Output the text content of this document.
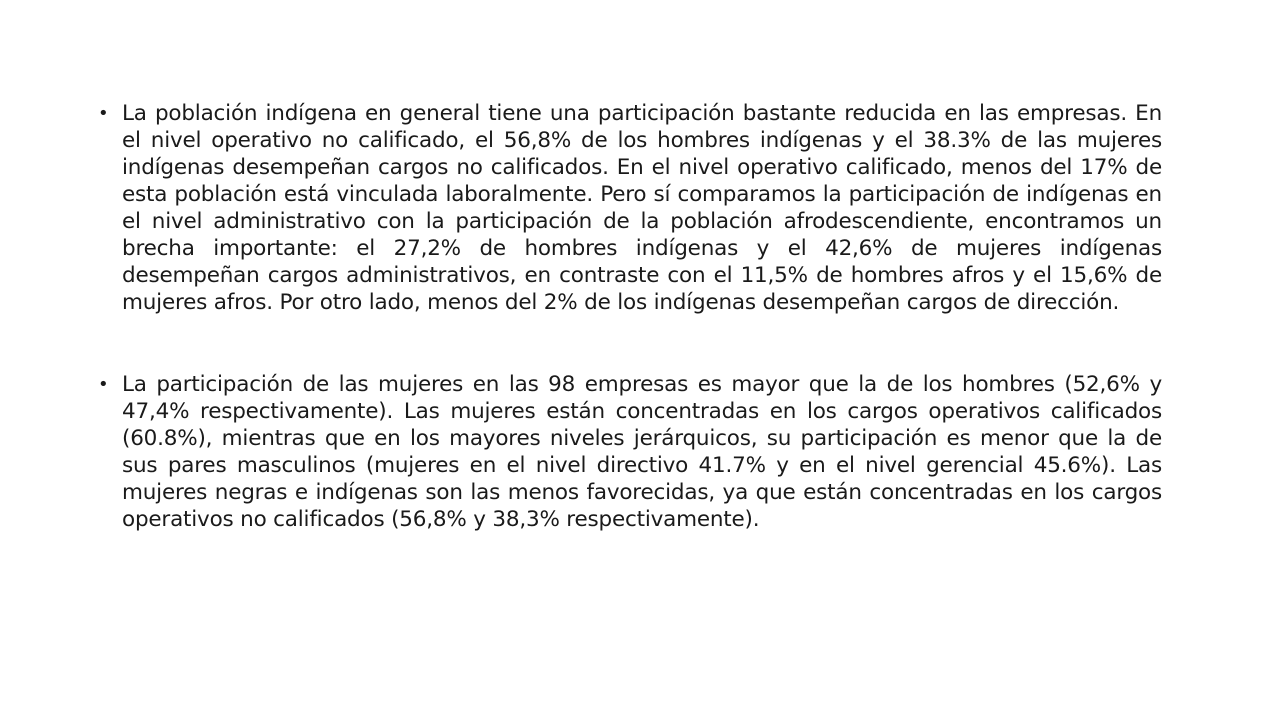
• La población indígena en general tiene una participación bastante reducida en las empresas. En el nivel operativo no calificado, el 56,8% de los hombres indígenas y el 38.3% de las mujeres indígenas desempeñan cargos no calificados. En el nivel operativo calificado, menos del 17% de esta población está vinculada laboralmente. Pero sí comparamos la participación de indígenas en el nivel administrativo con la participación de la población afrodescendiente, encontramos un brecha importante: el 27,2% de hombres indígenas y el 42,6% de mujeres indígenas desempeñan cargos administrativos, en contraste con el 11,5% de hombres afros y el 15,6% de mujeres afros. Por otro lado, menos del 2% de los indígenas desempeñan cargos de dirección.
• La participación de las mujeres en las 98 empresas es mayor que la de los hombres (52,6% y 47,4% respectivamente). Las mujeres están concentradas en los cargos operativos calificados (60.8%), mientras que en los mayores niveles jerárquicos, su participación es menor que la de sus pares masculinos (mujeres en el nivel directivo 41.7% y en el nivel gerencial 45.6%). Las mujeres negras e indígenas son las menos favorecidas, ya que están concentradas en los cargos operativos no calificados (56,8% y 38,3% respectivamente).
